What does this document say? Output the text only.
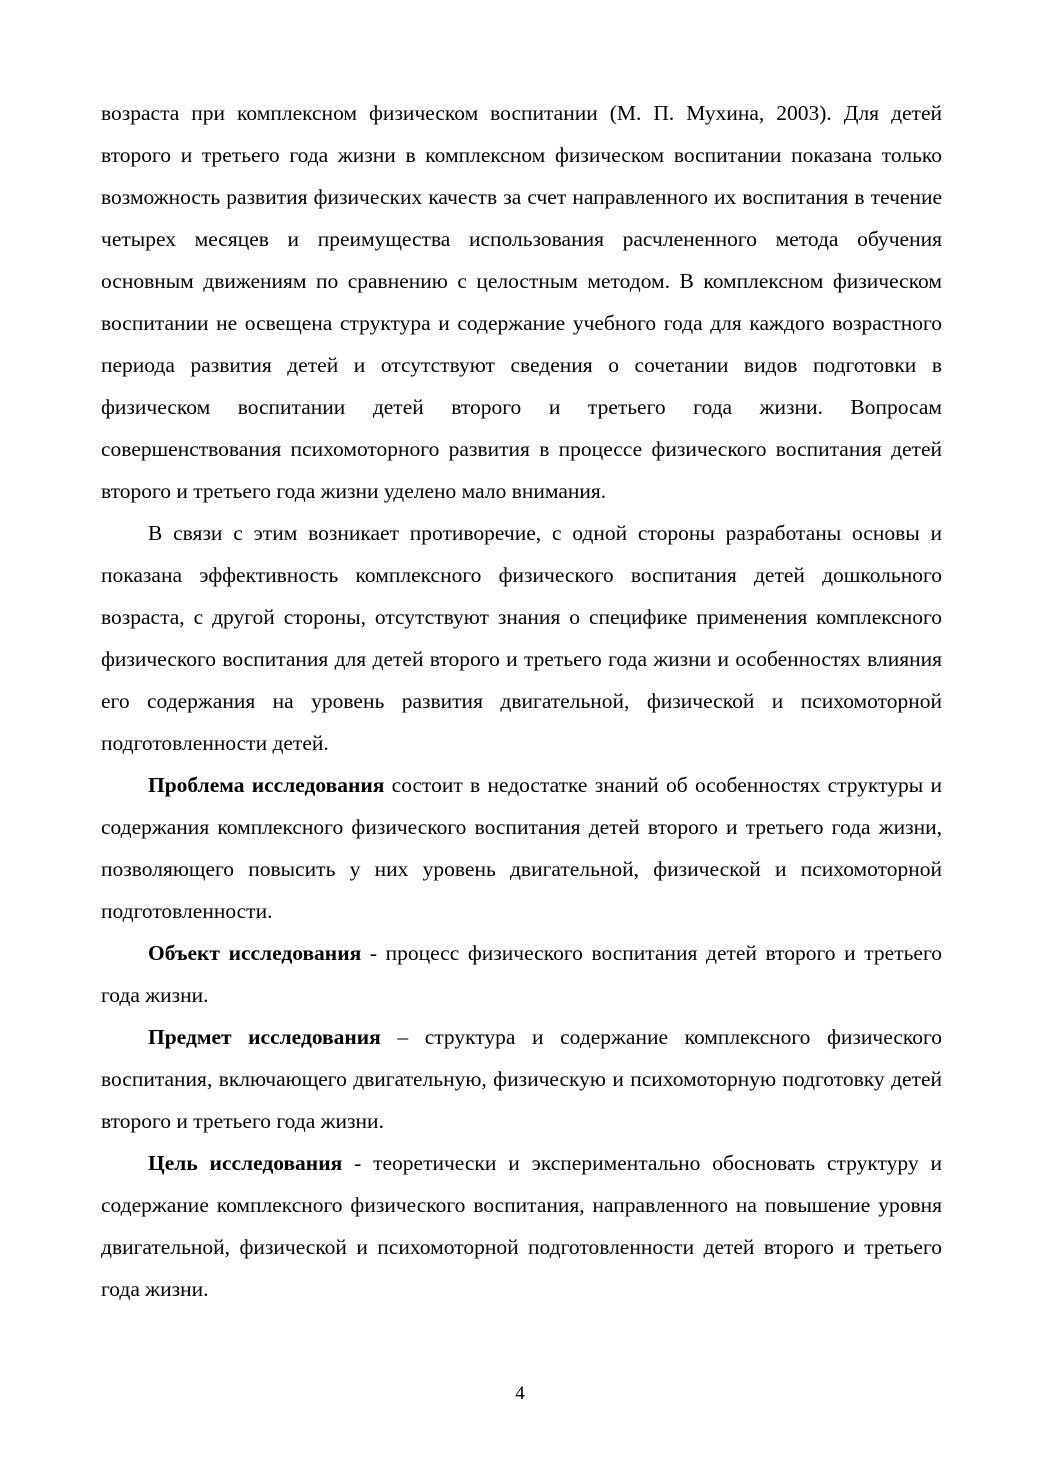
возраста при комплексном физическом воспитании (М. П. Мухина, 2003). Для детей второго и третьего года жизни в комплексном физическом воспитании показана только возможность развития физических качеств за счет направленного их воспитания в течение четырех месяцев и преимущества использования расчлененного метода обучения основным движениям по сравнению с целостным методом. В комплексном физическом воспитании не освещена структура и содержание учебного года для каждого возрастного периода развития детей и отсутствуют сведения о сочетании видов подготовки в физическом воспитании детей второго и третьего года жизни. Вопросам совершенствования психомоторного развития в процессе физического воспитания детей второго и третьего года жизни уделено мало внимания.

В связи с этим возникает противоречие, с одной стороны разработаны основы и показана эффективность комплексного физического воспитания детей дошкольного возраста, с другой стороны, отсутствуют знания о специфике применения комплексного физического воспитания для детей второго и третьего года жизни и особенностях влияния его содержания на уровень развития двигательной, физической и психомоторной подготовленности детей.

Проблема исследования состоит в недостатке знаний об особенностях структуры и содержания комплексного физического воспитания детей второго и третьего года жизни, позволяющего повысить у них уровень двигательной, физической и психомоторной подготовленности.

Объект исследования - процесс физического воспитания детей второго и третьего года жизни.

Предмет исследования – структура и содержание комплексного физического воспитания, включающего двигательную, физическую и психомоторную подготовку детей второго и третьего года жизни.

Цель исследования - теоретически и экспериментально обосновать структуру и содержание комплексного физического воспитания, направленного на повышение уровня двигательной, физической и психомоторной подготовленности детей второго и третьего года жизни.

4
